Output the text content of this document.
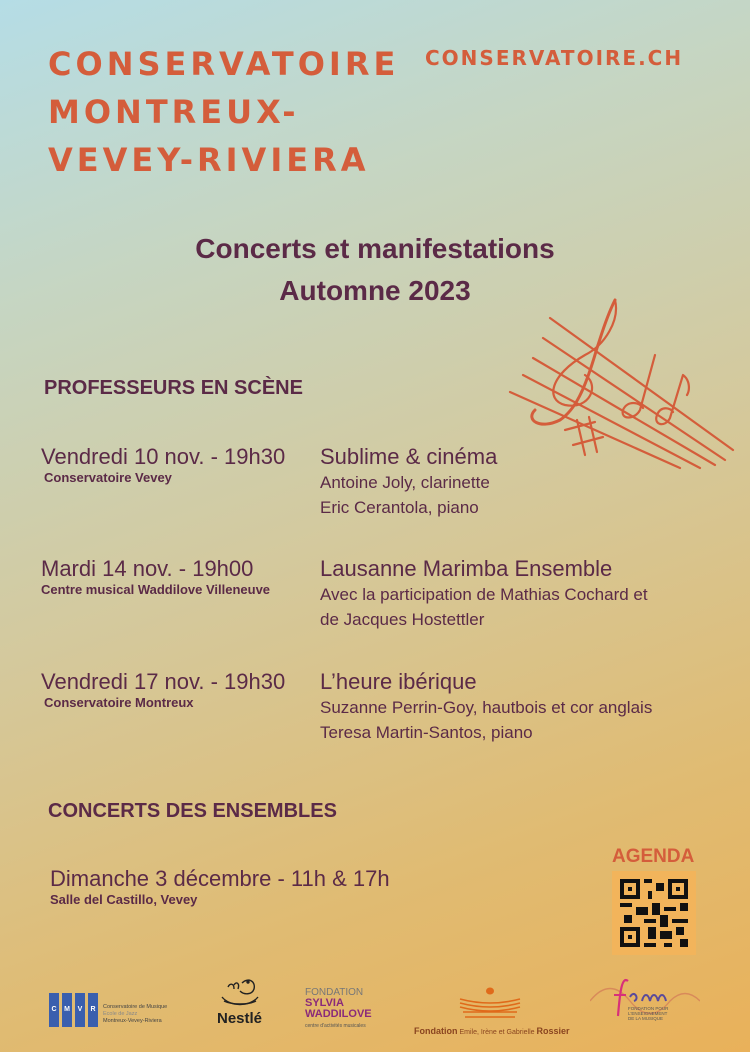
CONSERVATOIRE
MONTREUX-
VEVEY-RIVIERA
CONSERVATOIRE.CH
Concerts et manifestations
Automne 2023
PROFESSEURS EN SCÈNE
Vendredi 10 nov. - 19h30
Conservatoire Vevey
Sublime & cinéma
Antoine Joly, clarinette
Eric Cerantola, piano
Mardi 14 nov. - 19h00
Centre musical Waddilove Villeneuve
Lausanne Marimba Ensemble
Avec la participation de Mathias Cochard et
de Jacques Hostettler
Vendredi 17 nov. - 19h30
Conservatoire Montreux
L’heure ibérique
Suzanne Perrin-Goy, hautbois et cor anglais
Teresa Martin-Santos, piano
CONCERTS DES ENSEMBLES
Dimanche 3 décembre - 11h & 17h
Salle del Castillo, Vevey
AGENDA
C	M	V	R	Conservatoire de Musique
Ecole de Jazz
Montreux-Vevey-Riviera	Nestlé
FONDATION
SYLVIA
WADDILOVE
centre d'activités musicales	Fondation Emile, Irène et Gabrielle Rossier
FONDATION POUR
L'ENSEIGNEMENT
DE LA MUSIQUE
